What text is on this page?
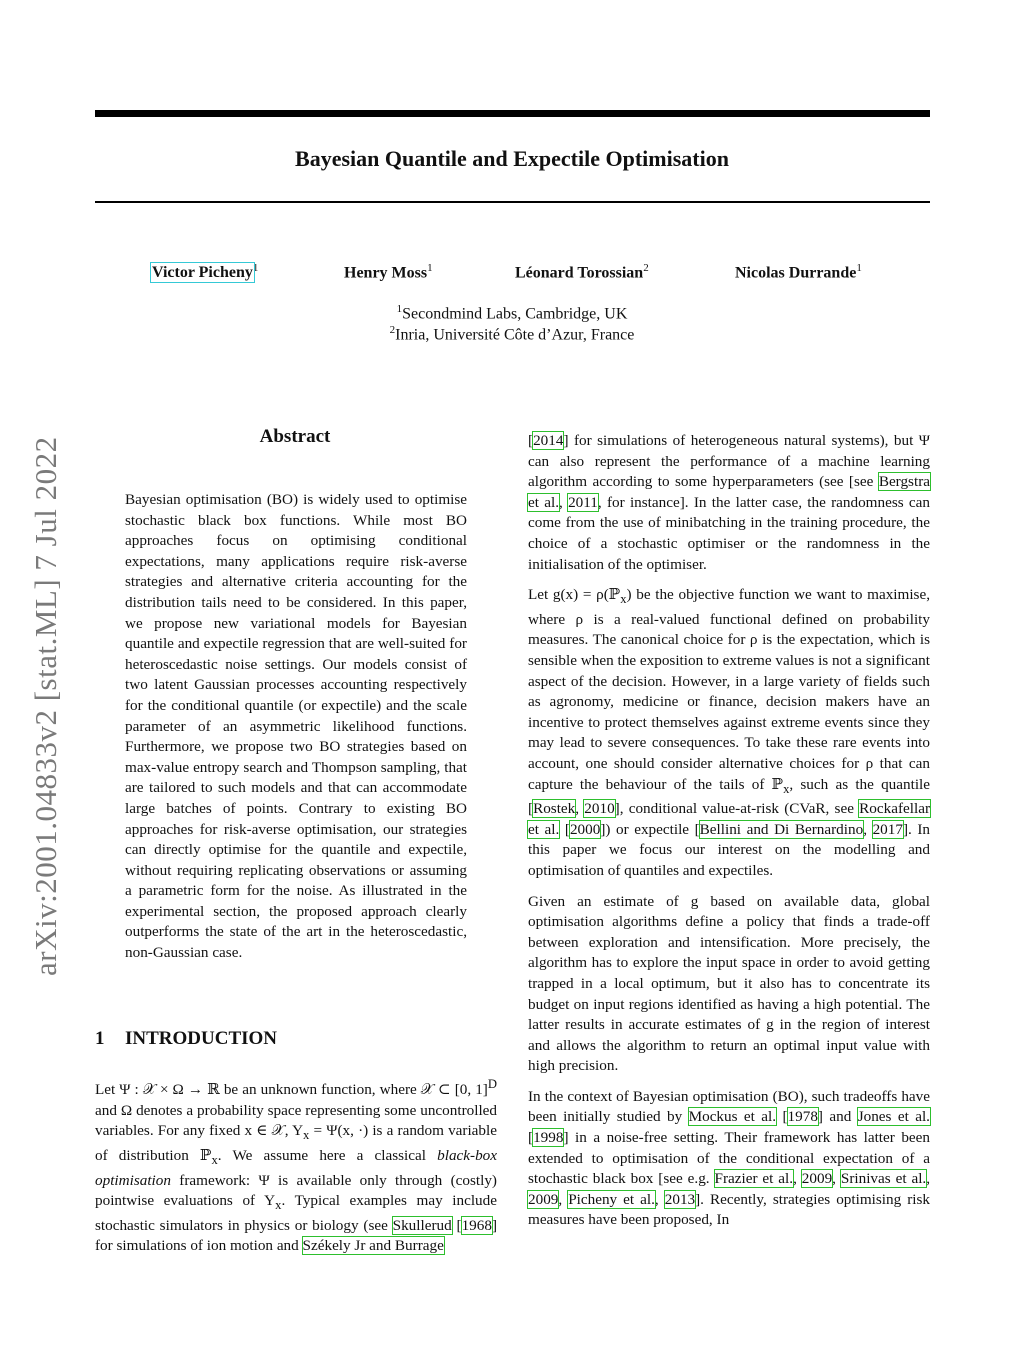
Bayesian Quantile and Expectile Optimisation
Victor Picheny$^1$	Henry Moss$^1$	Léonard Torossian$^2$	Nicolas Durrande$^1$
$^1$Secondmind Labs, Cambridge, UK
$^2$Inria, Université Côte d’Azur, France
arXiv:2001.04833v2 [stat.ML] 7 Jul 2022	Abstract
Bayesian optimisation (BO) is widely used to optimise stochastic black box functions. While most BO approaches focus on optimising conditional expectations, many applications require risk-averse strategies and alternative criteria accounting for the distribution tails need to be considered. In this paper, we propose new variational models for Bayesian quantile and expectile regression that are well-suited for heteroscedastic noise settings. Our models consist of two latent Gaussian processes accounting respectively for the conditional quantile (or expectile) and the scale parameter of an asymmetric likelihood functions. Furthermore, we propose two BO strategies based on max-value entropy search and Thompson sampling, that are tailored to such models and that can accommodate large batches of points. Contrary to existing BO approaches for risk-averse optimisation, our strategies can directly optimise for the quantile and expectile, without requiring replicating observations or assuming a parametric form for the noise. As illustrated in the experimental section, the proposed approach clearly outperforms the state of the art in the heteroscedastic, non-Gaussian case.
1 INTRODUCTION

Let Ψ : 𝒳 × Ω → ℝ be an unknown function, where 𝒳 ⊂ [0, 1]$^D$ and Ω denotes a probability space representing some uncontrolled variables. For any fixed x ∈ 𝒳, $Y_x = \Psi(x$, ·) is a random variable of distribution ℙ$_x$. We assume here a classical black-box optimisation framework: Ψ is available only through (costly) pointwise evaluations of $Y_x$. Typical examples may include stochastic simulators in physics or biology (see Skullerud [1968] for simulations of ion motion and Székely Jr and Burrage

[2014] for simulations of heterogeneous natural systems), but Ψ can also represent the performance of a machine learning algorithm according to some hyperparameters (see [see Bergstra et al., 2011, for instance]. In the latter case, the randomness can come from the use of minibatching in the training procedure, the choice of a stochastic optimiser or the randomness in the initialisation of the optimiser.

Let g(x) = ρ(ℙ$_x$) be the objective function we want to maximise, where ρ is a real-valued functional defined on probability measures. The canonical choice for ρ is the expectation, which is sensible when the exposition to extreme values is not a significant aspect of the decision. However, in a large variety of fields such as agronomy, medicine or finance, decision makers have an incentive to protect themselves against extreme events since they may lead to severe consequences. To take these rare events into account, one should consider alternative choices for ρ that can capture the behaviour of the tails of ℙ$_x$, such as the quantile [Rostek, 2010], conditional value-at-risk (CVaR, see Rockafellar et al. [2000]) or expectile [Bellini and Di Bernardino, 2017]. In this paper we focus our interest on the modelling and optimisation of quantiles and expectiles.

Given an estimate of g based on available data, global optimisation algorithms define a policy that finds a trade-off between exploration and intensification. More precisely, the algorithm has to explore the input space in order to avoid getting trapped in a local optimum, but it also has to concentrate its budget on input regions identified as having a high potential. The latter results in accurate estimates of g in the region of interest and allows the algorithm to return an optimal input value with high precision.

In the context of Bayesian optimisation (BO), such tradeoffs have been initially studied by Mockus et al. [1978] and Jones et al. [1998] in a noise-free setting. Their framework has latter been extended to optimisation of the conditional expectation of a stochastic black box [see e.g. Frazier et al., 2009, Srinivas et al., 2009, Picheny et al., 2013]. Recently, strategies optimising risk measures have been proposed, In
